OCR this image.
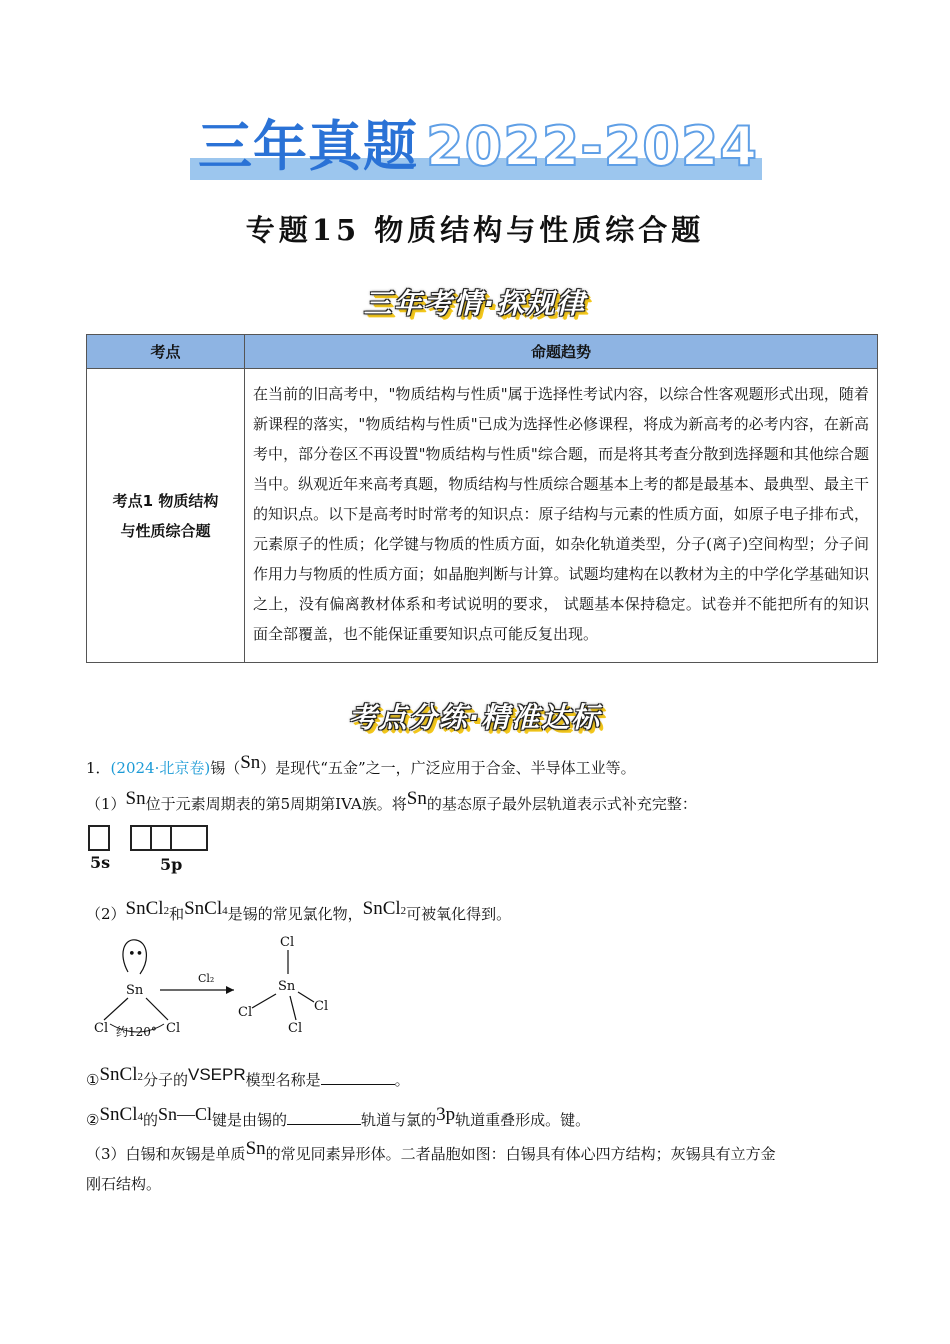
三年真题 2022-2024
专题15 物质结构与性质综合题
三年考情·探规律
考点	命题趋势

考点1 物质结构
与性质综合题	在当前的旧高考中，"物质结构与性质"属于选择性考试内容，以综合性客观题形式出现，随着新课程的落实，"物质结构与性质"已成为选择性必修课程，将成为新高考的必考内容，在新高考中，部分卷区不再设置"物质结构与性质"综合题，而是将其考查分散到选择题和其他综合题当中。纵观近年来高考真题，物质结构与性质综合题基本上考的都是最基本、最典型、最主干的知识点。以下是高考时时常考的知识点：原子结构与元素的性质方面，如原子电子排布式，元素原子的性质；化学键与物质的性质方面，如杂化轨道类型，分子(离子)空间构型；分子间作用力与物质的性质方面；如晶胞判断与计算。试题均建构在以教材为主的中学化学基础知识之上，没有偏离教材体系和考试说明的要求， 试题基本保持稳定。试卷并不能把所有的知识面全部覆盖，也不能保证重要知识点可能反复出现。
考点分练·精准达标
1．(2024·北京卷)锡（Sn）是现代“五金”之一，广泛应用于合金、半导体工业等。
（1）Sn位于元素周期表的第5周期第IVA族。将Sn的基态原子最外层轨道表示式补充完整：
5s	5p
（2）SnCl2和SnCl4是锡的常见氯化物，SnCl2可被氧化得到。
••
Sn
Cl	Cl
约120°
Cl₂
Cl
Sn
Cl	Cl
Cl
①SnCl2分子的VSEPR模型名称是	。
②SnCl4的Sn—Cl键是由锡的	轨道与氯的3p轨道重叠形成。键。
（3）白锡和灰锡是单质Sn的常见同素异形体。二者晶胞如图：白锡具有体心四方结构；灰锡具有立方金
刚石结构。
